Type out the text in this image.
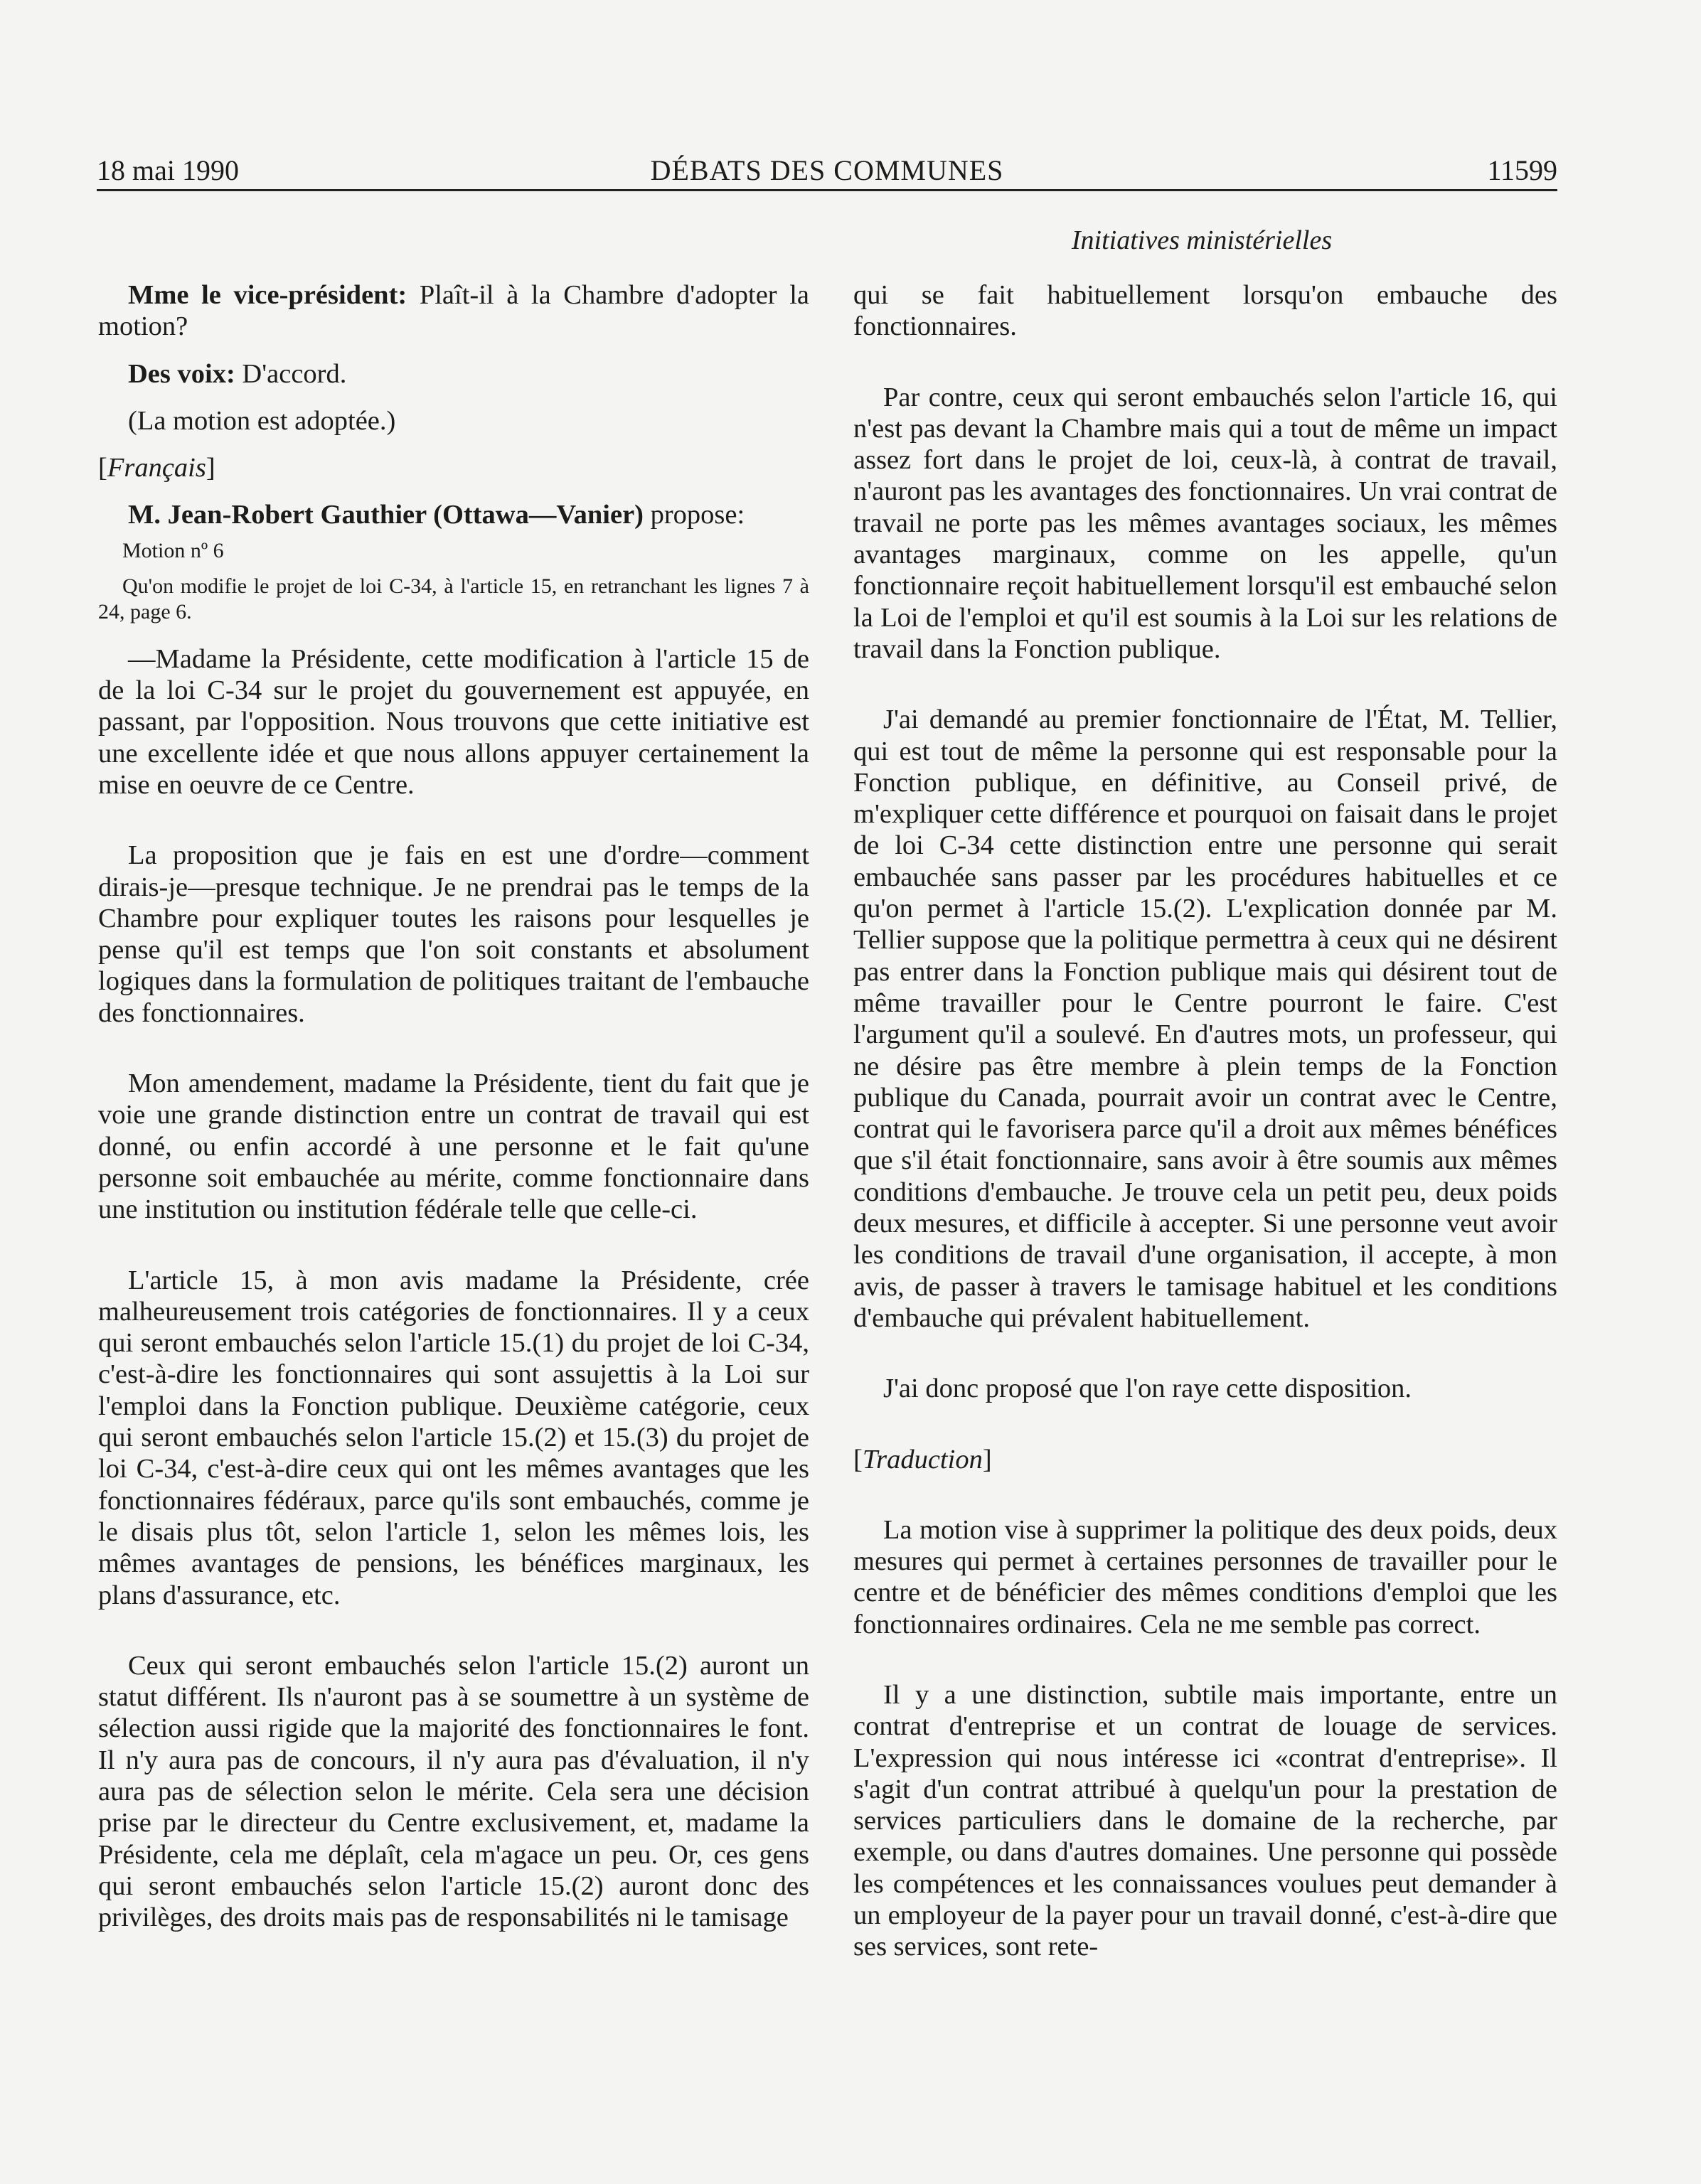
18 mai 1990	DÉBATS DES COMMUNES	11599
Initiatives ministérielles

Mme le vice-président: Plaît-il à la Chambre d'adopter la motion?

Des voix: D'accord.

(La motion est adoptée.)

[Français]

M. Jean-Robert Gauthier (Ottawa—Vanier) propose:

Motion nº 6

Qu'on modifie le projet de loi C-34, à l'article 15, en retranchant les lignes 7 à 24, page 6.

—Madame la Présidente, cette modification à l'article 15 de de la loi C-34 sur le projet du gouvernement est appuyée, en passant, par l'opposition. Nous trouvons que cette initiative est une excellente idée et que nous allons appuyer certainement la mise en oeuvre de ce Centre.

La proposition que je fais en est une d'ordre—comment dirais-je—presque technique. Je ne prendrai pas le temps de la Chambre pour expliquer toutes les raisons pour lesquelles je pense qu'il est temps que l'on soit constants et absolument logiques dans la formulation de politiques traitant de l'embauche des fonctionnaires.

Mon amendement, madame la Présidente, tient du fait que je voie une grande distinction entre un contrat de travail qui est donné, ou enfin accordé à une personne et le fait qu'une personne soit embauchée au mérite, comme fonctionnaire dans une institution ou institution fédérale telle que celle-ci.

L'article 15, à mon avis madame la Présidente, crée malheureusement trois catégories de fonctionnaires. Il y a ceux qui seront embauchés selon l'article 15.(1) du projet de loi C-34, c'est-à-dire les fonctionnaires qui sont assujettis à la Loi sur l'emploi dans la Fonction publique. Deuxième catégorie, ceux qui seront embauchés selon l'article 15.(2) et 15.(3) du projet de loi C-34, c'est-à-dire ceux qui ont les mêmes avantages que les fonctionnaires fédéraux, parce qu'ils sont embauchés, comme je le disais plus tôt, selon l'article 1, selon les mêmes lois, les mêmes avantages de pensions, les bénéfices marginaux, les plans d'assurance, etc.

Ceux qui seront embauchés selon l'article 15.(2) auront un statut différent. Ils n'auront pas à se soumettre à un système de sélection aussi rigide que la majorité des fonctionnaires le font. Il n'y aura pas de concours, il n'y aura pas d'évaluation, il n'y aura pas de sélection selon le mérite. Cela sera une décision prise par le directeur du Centre exclusivement, et, madame la Présidente, cela me déplaît, cela m'agace un peu. Or, ces gens qui seront embauchés selon l'article 15.(2) auront donc des privilèges, des droits mais pas de responsabilités ni le tamisage

qui se fait habituellement lorsqu'on embauche des fonctionnaires.

Par contre, ceux qui seront embauchés selon l'article 16, qui n'est pas devant la Chambre mais qui a tout de même un impact assez fort dans le projet de loi, ceux-là, à contrat de travail, n'auront pas les avantages des fonctionnaires. Un vrai contrat de travail ne porte pas les mêmes avantages sociaux, les mêmes avantages marginaux, comme on les appelle, qu'un fonctionnaire reçoit habituellement lorsqu'il est embauché selon la Loi de l'emploi et qu'il est soumis à la Loi sur les relations de travail dans la Fonction publique.

J'ai demandé au premier fonctionnaire de l'État, M. Tellier, qui est tout de même la personne qui est responsable pour la Fonction publique, en définitive, au Conseil privé, de m'expliquer cette différence et pourquoi on faisait dans le projet de loi C-34 cette distinction entre une personne qui serait embauchée sans passer par les procédures habituelles et ce qu'on permet à l'article 15.(2). L'explication donnée par M. Tellier suppose que la politique permettra à ceux qui ne désirent pas entrer dans la Fonction publique mais qui désirent tout de même travailler pour le Centre pourront le faire. C'est l'argument qu'il a soulevé. En d'autres mots, un professeur, qui ne désire pas être membre à plein temps de la Fonction publique du Canada, pourrait avoir un contrat avec le Centre, contrat qui le favorisera parce qu'il a droit aux mêmes bénéfices que s'il était fonctionnaire, sans avoir à être soumis aux mêmes conditions d'embauche. Je trouve cela un petit peu, deux poids deux mesures, et difficile à accepter. Si une personne veut avoir les conditions de travail d'une organisation, il accepte, à mon avis, de passer à travers le tamisage habituel et les conditions d'embauche qui prévalent habituellement.

J'ai donc proposé que l'on raye cette disposition.

[Traduction]

La motion vise à supprimer la politique des deux poids, deux mesures qui permet à certaines personnes de travailler pour le centre et de bénéficier des mêmes conditions d'emploi que les fonctionnaires ordinaires. Cela ne me semble pas correct.

Il y a une distinction, subtile mais importante, entre un contrat d'entreprise et un contrat de louage de services. L'expression qui nous intéresse ici «contrat d'entreprise». Il s'agit d'un contrat attribué à quelqu'un pour la prestation de services particuliers dans le domaine de la recherche, par exemple, ou dans d'autres domaines. Une personne qui possède les compétences et les connaissances voulues peut demander à un employeur de la payer pour un travail donné, c'est-à-dire que ses services, sont rete-
